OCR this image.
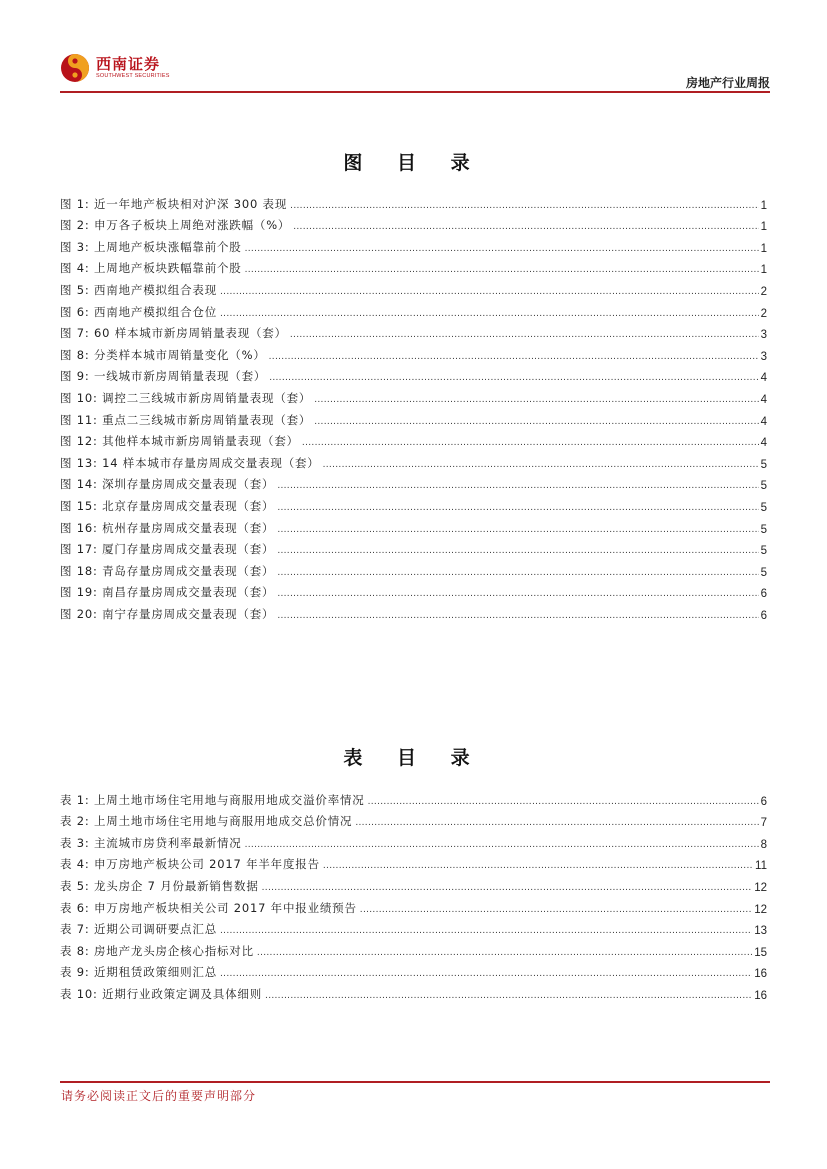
西南证券
SOUTHWEST SECURITIES	房地产行业周报
图 目 录
图 1: 近一年地产板块相对沪深 300 表现 .....	1
图 2: 申万各子板块上周绝对涨跌幅（%） .....	1
图 3: 上周地产板块涨幅靠前个股 .....	1
图 4: 上周地产板块跌幅靠前个股 .....	1
图 5: 西南地产模拟组合表现 .....	2
图 6: 西南地产模拟组合仓位 .....	2
图 7: 60 样本城市新房周销量表现（套） .....	3
图 8: 分类样本城市周销量变化（%） .....	3
图 9: 一线城市新房周销量表现（套） .....	4
图 10: 调控二三线城市新房周销量表现（套） .....	4
图 11: 重点二三线城市新房周销量表现（套） .....	4
图 12: 其他样本城市新房周销量表现（套） .....	4
图 13: 14 样本城市存量房周成交量表现（套） .....	5
图 14: 深圳存量房周成交量表现（套） .....	5
图 15: 北京存量房周成交量表现（套） .....	5
图 16: 杭州存量房周成交量表现（套） .....	5
图 17: 厦门存量房周成交量表现（套） .....	5
图 18: 青岛存量房周成交量表现（套） .....	5
图 19: 南昌存量房周成交量表现（套） .....	6
图 20: 南宁存量房周成交量表现（套） .....	6
表 目 录
表 1: 上周土地市场住宅用地与商服用地成交溢价率情况 .....	6
表 2: 上周土地市场住宅用地与商服用地成交总价情况 .....	7
表 3: 主流城市房贷利率最新情况 .....	8
表 4: 申万房地产板块公司 2017 年半年度报告 .....	11
表 5: 龙头房企 7 月份最新销售数据 .....	12
表 6: 申万房地产板块相关公司 2017 年中报业绩预告 .....	12
表 7: 近期公司调研要点汇总 .....	13
表 8: 房地产龙头房企核心指标对比 .....	15
表 9: 近期租赁政策细则汇总 .....	16
表 10: 近期行业政策定调及具体细则 .....	16
请务必阅读正文后的重要声明部分
